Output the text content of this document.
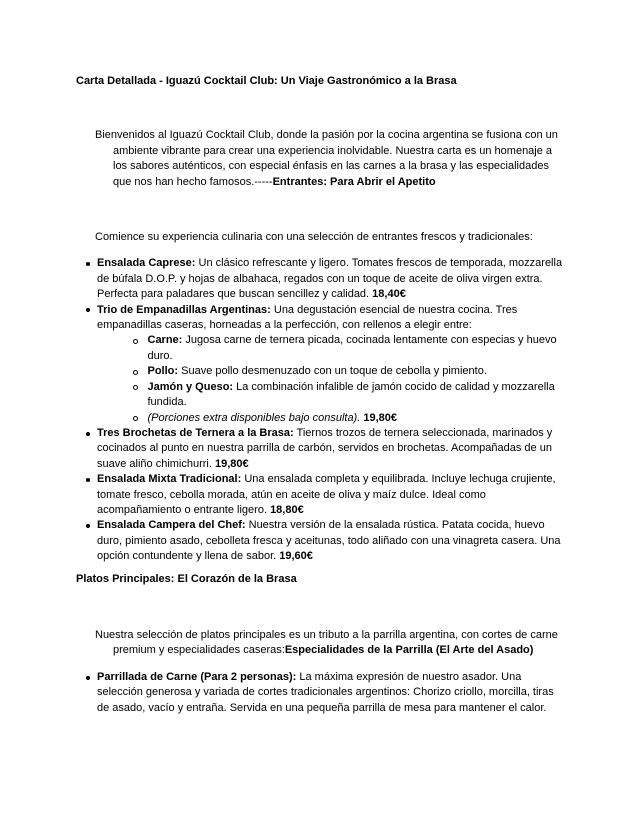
Carta Detallada - Iguazú Cocktail Club: Un Viaje Gastronómico a la Brasa

Bienvenidos al Iguazú Cocktail Club, donde la pasión por la cocina argentina se fusiona con un ambiente vibrante para crear una experiencia inolvidable. Nuestra carta es un homenaje a los sabores auténticos, con especial énfasis en las carnes a la brasa y las especialidades que nos han hecho famosos.-----Entrantes: Para Abrir el Apetito

Comience su experiencia culinaria con una selección de entrantes frescos y tradicionales:

Ensalada Caprese: Un clásico refrescante y ligero. Tomates frescos de temporada, mozzarella de búfala D.O.P. y hojas de albahaca, regados con un toque de aceite de oliva virgen extra. Perfecta para paladares que buscan sencillez y calidad. 18,40€
Trio de Empanadillas Argentinas: Una degustación esencial de nuestra cocina. Tres empanadillas caseras, horneadas a la perfección, con rellenos a elegir entre:
Carne: Jugosa carne de ternera picada, cocinada lentamente con especias y huevo duro.
Pollo: Suave pollo desmenuzado con un toque de cebolla y pimiento.
Jamón y Queso: La combinación infalible de jamón cocido de calidad y mozzarella fundida.
(Porciones extra disponibles bajo consulta). 19,80€
Tres Brochetas de Ternera a la Brasa: Tiernos trozos de ternera seleccionada, marinados y cocinados al punto en nuestra parrilla de carbón, servidos en brochetas. Acompañadas de un suave aliño chimichurri. 19,80€
Ensalada Mixta Tradicional: Una ensalada completa y equilibrada. Incluye lechuga crujiente, tomate fresco, cebolla morada, atún en aceite de oliva y maíz dulce. Ideal como acompañamiento o entrante ligero. 18,80€
Ensalada Campera del Chef: Nuestra versión de la ensalada rústica. Patata cocida, huevo duro, pimiento asado, cebolleta fresca y aceitunas, todo aliñado con una vinagreta casera. Una opción contundente y llena de sabor. 19,60€
Platos Principales: El Corazón de la Brasa

Nuestra selección de platos principales es un tributo a la parrilla argentina, con cortes de carne premium y especialidades caseras:Especialidades de la Parrilla (El Arte del Asado)

Parrillada de Carne (Para 2 personas): La máxima expresión de nuestro asador. Una selección generosa y variada de cortes tradicionales argentinos: Chorizo criollo, morcilla, tiras de asado, vacío y entraña. Servida en una pequeña parrilla de mesa para mantener el calor.
